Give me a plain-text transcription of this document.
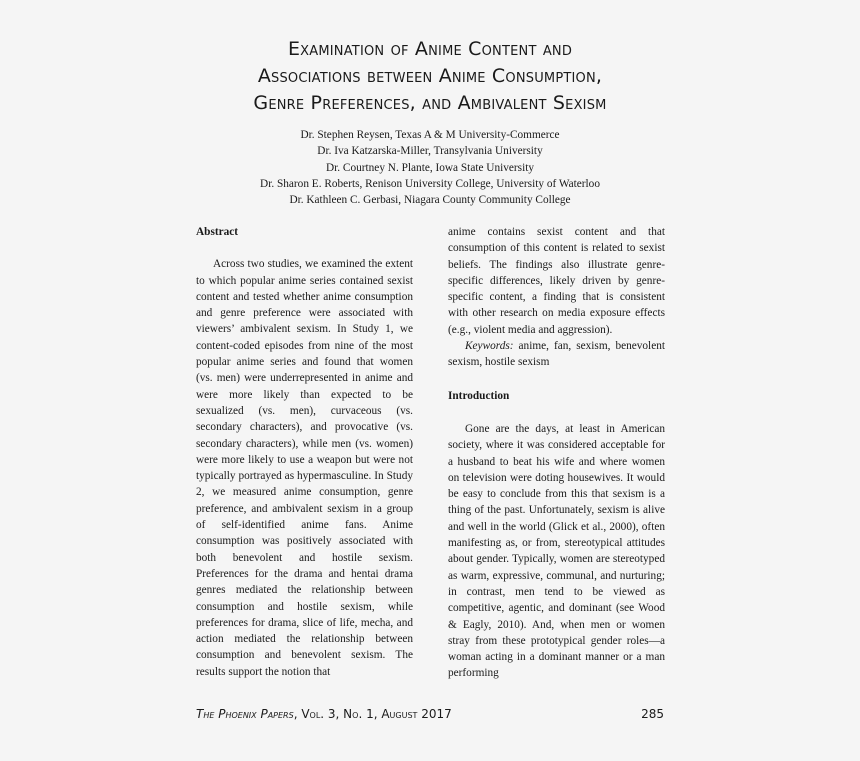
Examination of Anime Content and
Associations between Anime Consumption,
Genre Preferences, and Ambivalent Sexism
Dr. Stephen Reysen, Texas A & M University-Commerce
Dr. Iva Katzarska-Miller, Transylvania University
Dr. Courtney N. Plante, Iowa State University
Dr. Sharon E. Roberts, Renison University College, University of Waterloo
Dr. Kathleen C. Gerbasi, Niagara County Community College

Abstract

Across two studies, we examined the extent to which popular anime series contained sexist content and tested whether anime consumption and genre preference were associated with viewers’ ambivalent sexism. In Study 1, we content-coded episodes from nine of the most popular anime series and found that women (vs. men) were underrepresented in anime and were more likely than expected to be sexualized (vs. men), curvaceous (vs. secondary characters), and provocative (vs. secondary characters), while men (vs. women) were more likely to use a weapon but were not typically portrayed as hypermasculine. In Study 2, we measured anime consumption, genre preference, and ambivalent sexism in a group of self-identified anime fans. Anime consumption was positively associated with both benevolent and hostile sexism. Preferences for the drama and hentai drama genres mediated the relationship between consumption and hostile sexism, while preferences for drama, slice of life, mecha, and action mediated the relationship between consumption and benevolent sexism. The results support the notion that

anime contains sexist content and that consumption of this content is related to sexist beliefs. The findings also illustrate genre-specific differences, likely driven by genre-specific content, a finding that is consistent with other research on media exposure effects (e.g., violent media and aggression).

Keywords: anime, fan, sexism, benevolent sexism, hostile sexism

Introduction

Gone are the days, at least in American society, where it was considered acceptable for a husband to beat his wife and where women on television were doting housewives. It would be easy to conclude from this that sexism is a thing of the past. Unfortunately, sexism is alive and well in the world (Glick et al., 2000), often manifesting as, or from, stereotypical attitudes about gender. Typically, women are stereotyped as warm, expressive, communal, and nurturing; in contrast, men tend to be viewed as competitive, agentic, and dominant (see Wood & Eagly, 2010). And, when men or women stray from these prototypical gender roles—a woman acting in a dominant manner or a man performing

The Phoenix Papers, Vol. 3, No. 1, August 2017	285
